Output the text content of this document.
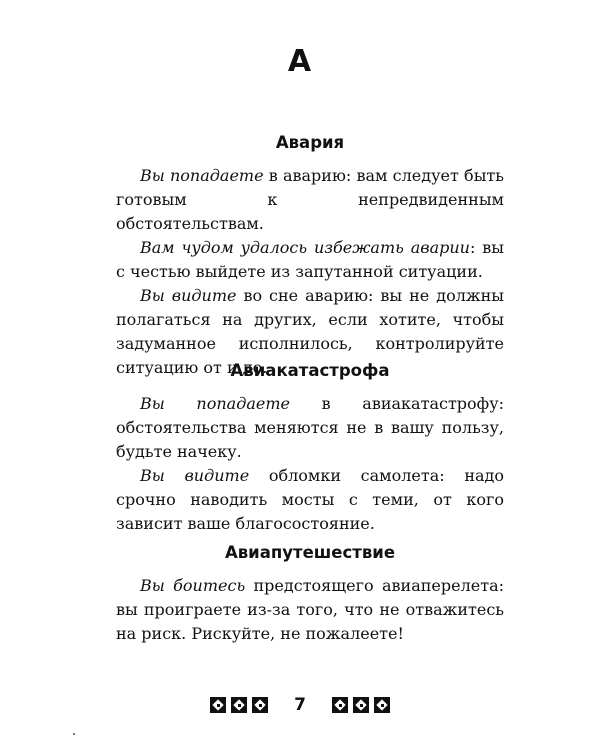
А
Авария

Вы попадаете в аварию: вам следует быть готовым к непредвиденным обстоятельствам.

Вам чудом удалось избежать аварии: вы с честью выйдете из запутанной ситуации.

Вы видите во сне аварию: вы не должны полагаться на других, если хотите, чтобы задуманное исполнилось, контролируйте ситуацию от и до.

Авиакатастрофа

Вы попадаете в авиакатастрофу: обстоятельства меняются не в вашу пользу, будьте начеку.

Вы видите обломки самолета: надо срочно наводить мосты с теми, от кого зависит ваше благосостояние.

Авиапутешествие

Вы боитесь предстоящего авиаперелета: вы проиграете из-за того, что не отважитесь на риск. Рискуйте, не пожалеете!

7
